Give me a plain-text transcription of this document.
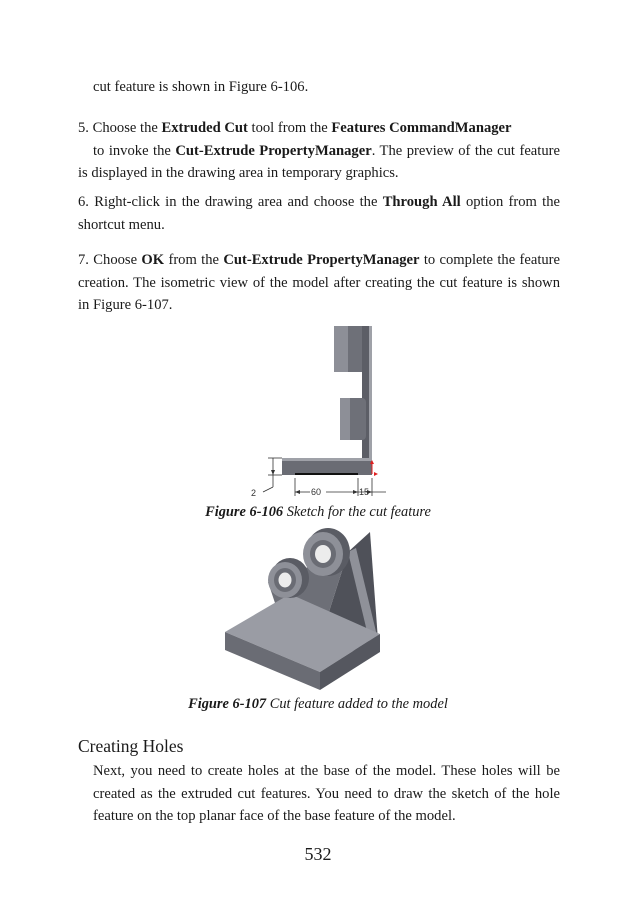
cut feature is shown in Figure 6-106.
5. Choose the Extruded Cut tool from the Features CommandManager
to invoke the Cut-Extrude PropertyManager. The preview of the cut feature is displayed in the drawing area in temporary graphics.
6. Right-click in the drawing area and choose the Through All option from the shortcut menu.
7. Choose OK from the Cut-Extrude PropertyManager to complete the feature creation. The isometric view of the model after creating the cut feature is shown in Figure 6-107.
2	60	15
Figure 6-106 Sketch for the cut feature
Figure 6-107 Cut feature added to the model
Creating Holes
Next, you need to create holes at the base of the model. These holes will be created as the extruded cut features. You need to draw the sketch of the hole feature on the top planar face of the base feature of the model.
532
